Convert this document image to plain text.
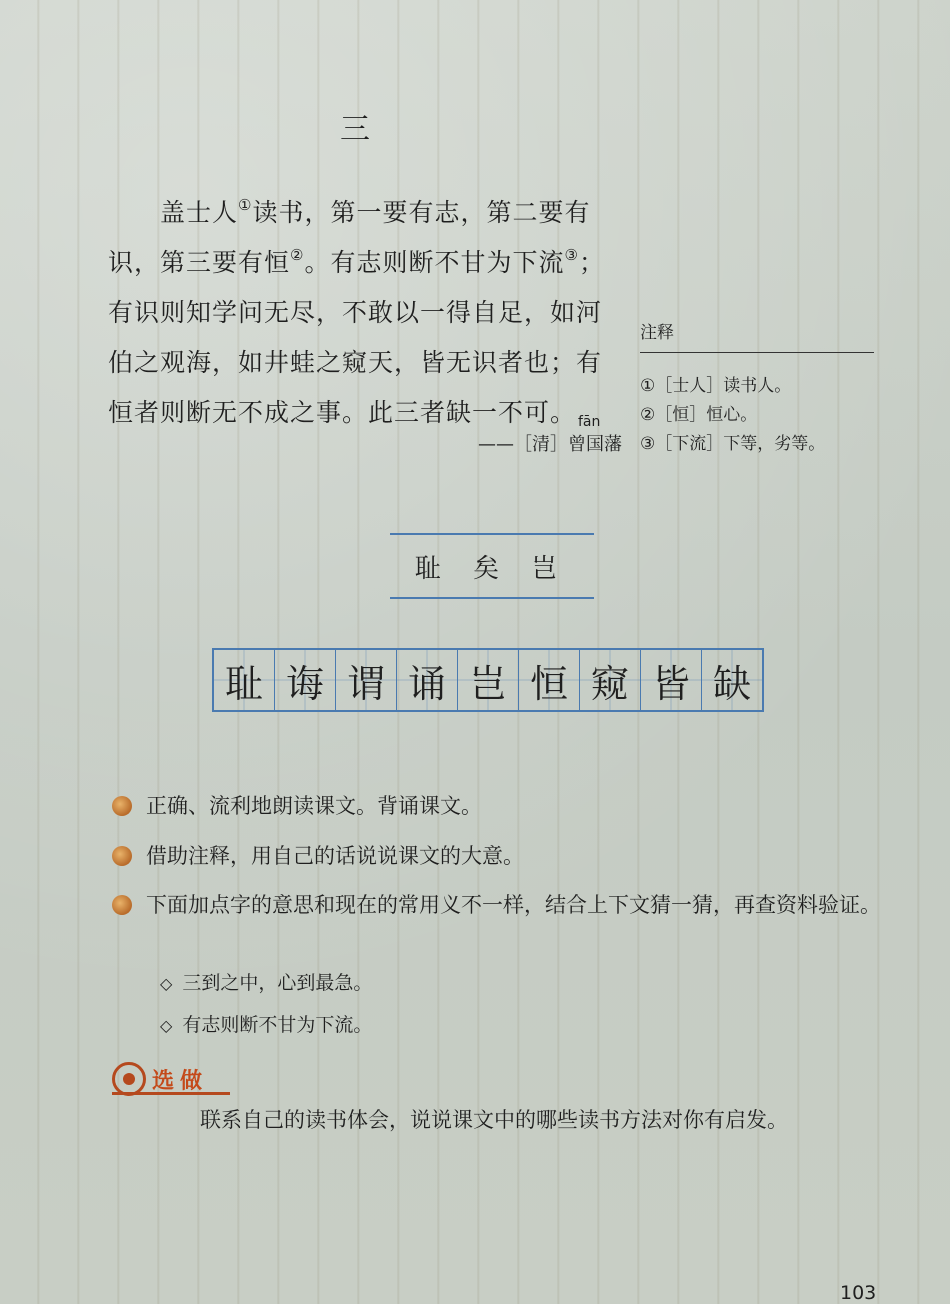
三

　　盖士人①读书，第一要有志，第二要有

识，第三要有恒②。有志则断不甘为下流③；

有识则知学问无尽，不敢以一得自足，如河

伯之观海，如井蛙之窥天，皆无识者也；有

恒者则断无不成之事。此三者缺一不可。 fān
——［清］曾国藩
注释
①［士人］读书人。
②［恒］恒心。
③［下流］下等，劣等。
耻 矣 岂
耻 诲 谓 诵 岂 恒 窥 皆 缺
正确、流利地朗读课文。背诵课文。
借助注释，用自己的话说说课文的大意。
下面加点字的意思和现在的常用义不一样，结合上下文猜一猜，再查资料验证。
◇ 三到之中，心到最急。
◇ 有志则断不甘为下流。
选做
联系自己的读书体会，说说课文中的哪些读书方法对你有启发。
103
